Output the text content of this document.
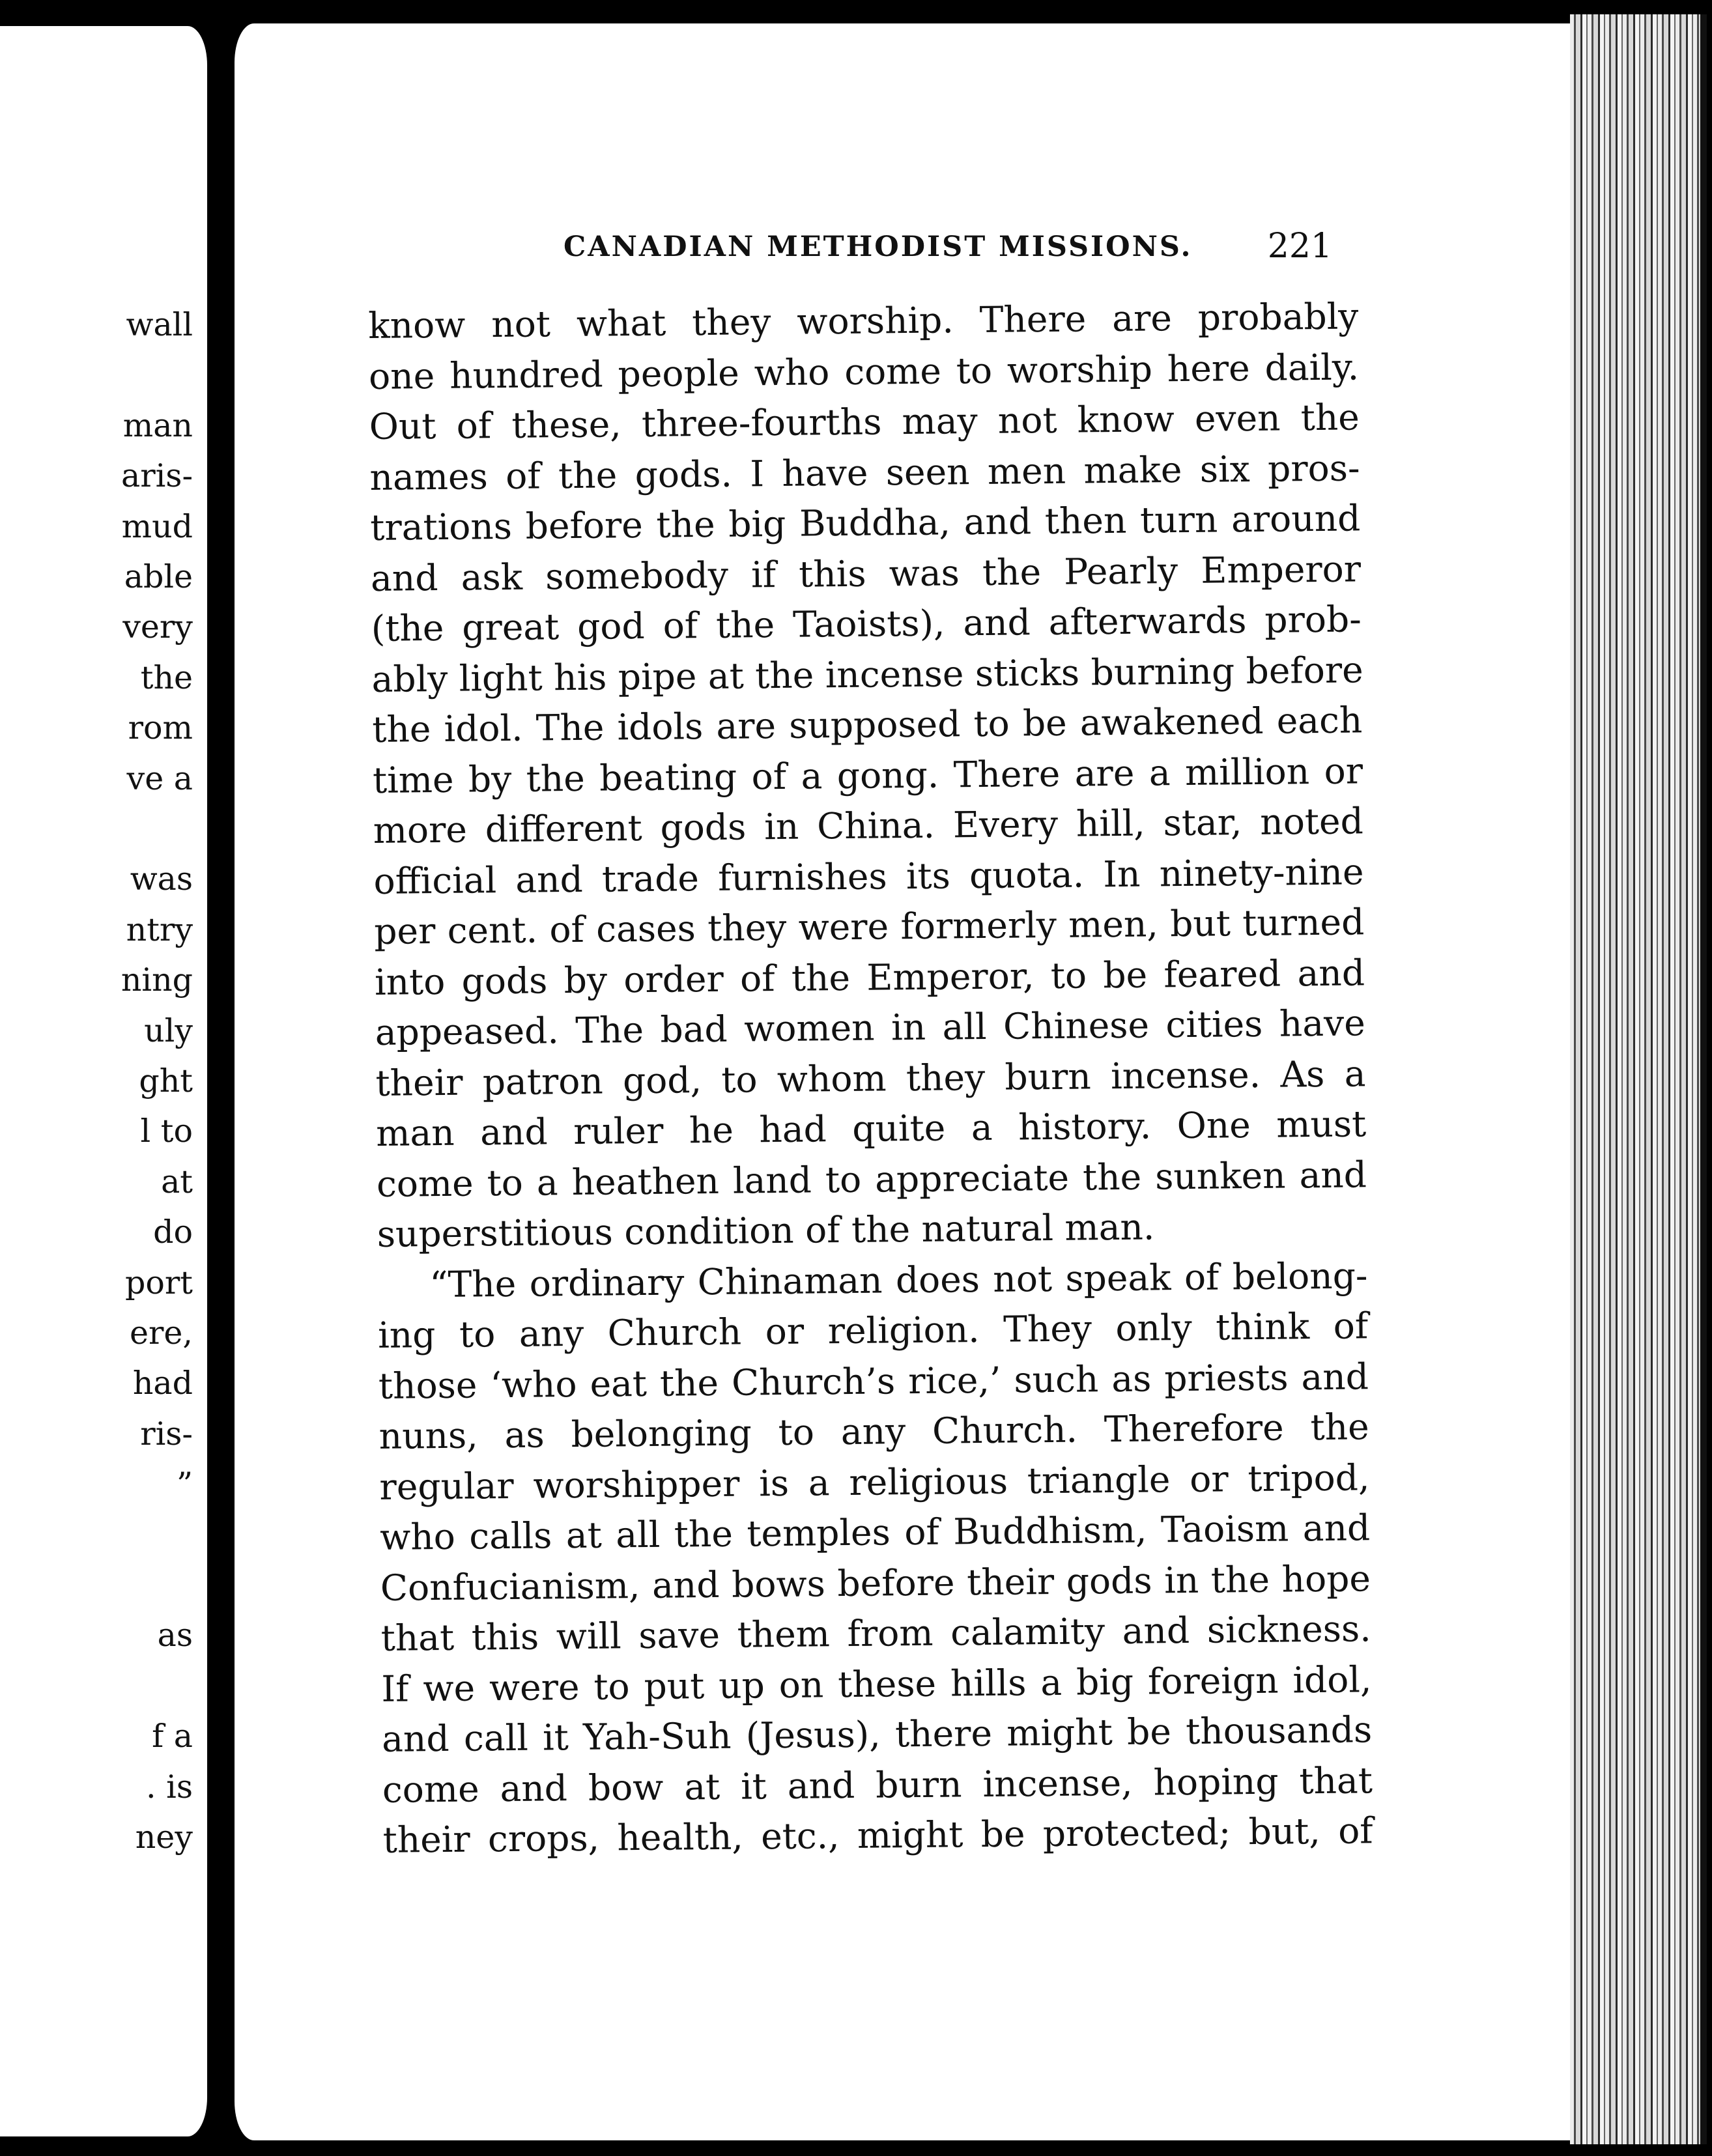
wall
man
aris-
mud
able
very
the
rom
ve a
was
ntry
ning
uly
ght
l to
at
do
port
ere,
had
ris-
”
as
f a
. is
ney
CANADIAN METHODIST MISSIONS. 221
know not what they worship. There are probably
one hundred people who come to worship here daily.
Out of these, three-fourths may not know even the
names of the gods. I have seen men make six pros-
trations before the big Buddha, and then turn around
and ask somebody if this was the Pearly Emperor
(the great god of the Taoists), and afterwards prob-
ably light his pipe at the incense sticks burning before
the idol. The idols are supposed to be awakened each
time by the beating of a gong. There are a million or
more different gods in China. Every hill, star, noted
official and trade furnishes its quota. In ninety-nine
per cent. of cases they were formerly men, but turned
into gods by order of the Emperor, to be feared and
appeased. The bad women in all Chinese cities have
their patron god, to whom they burn incense. As a
man and ruler he had quite a history. One must
come to a heathen land to appreciate the sunken and
superstitious condition of the natural man.
“The ordinary Chinaman does not speak of belong-
ing to any Church or religion. They only think of
those ‘who eat the Church’s rice,’ such as priests and
nuns, as belonging to any Church. Therefore the
regular worshipper is a religious triangle or tripod,
who calls at all the temples of Buddhism, Taoism and
Confucianism, and bows before their gods in the hope
that this will save them from calamity and sickness.
If we were to put up on these hills a big foreign idol,
and call it Yah-Suh (Jesus), there might be thousands
come and bow at it and burn incense, hoping that
their crops, health, etc., might be protected; but, of
